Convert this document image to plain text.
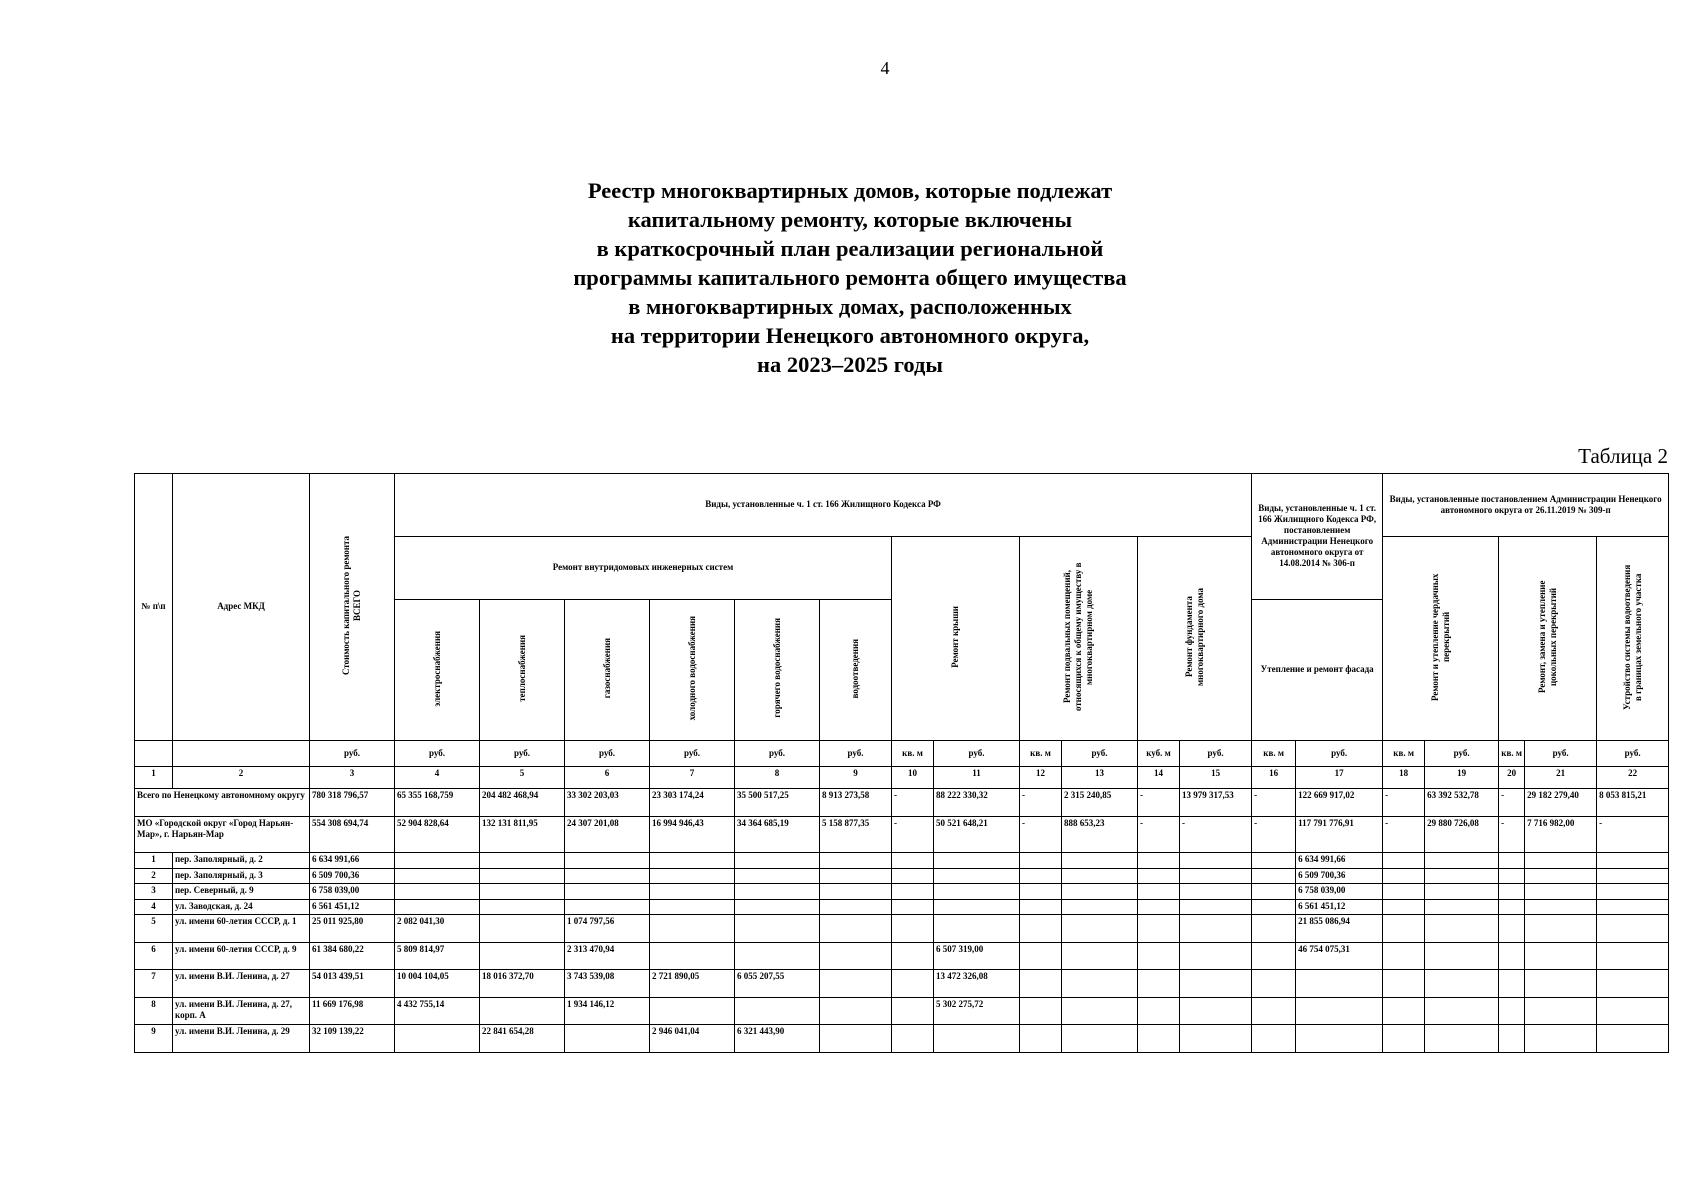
4
Реестр многоквартирных домов, которые подлежат
капитальному ремонту, которые включены
в краткосрочный план реализации региональной
программы капитального ремонта общего имущества
в многоквартирных домах, расположенных
на территории Ненецкого автономного округа,
на 2023–2025 годы
Таблица 2
№ п\п	Адрес МКД	Стоимость капитального ремонта ВСЕГО	Виды, установленные ч. 1 ст. 166 Жилищного Кодекса РФ												Виды, установленные ч. 1 ст. 166 Жилищного Кодекса РФ, постановлением Администрации Ненецкого автономного округа от 14.08.2014 № 306-п		Виды, установленные постановлением Администрации Ненецкого автономного округа от 26.11.2019 № 309-п				
			Ремонт внутридомовых инженерных систем						Ремонт крыши		Ремонт подвальных помещений, относящихся к общему имуществу в многоквартирном доме		Ремонт фундамента многоквартирного дома				Ремонт и утепление чердачных перекрытий		Ремонт, замена и утепление цокольных перекрытий		Устройство системы водоотведения в границах земельного участка
			электроснабжения	теплоснабжения	газоснабжения	холодного водоснабжения	горячего водоснабжения	водоотведения							Утепление и ремонт фасада						
		руб.	руб.	руб.	руб.	руб.	руб.	руб.	кв. м	руб.	кв. м	руб.	куб. м	руб.	кв. м	руб.	кв. м	руб.	кв. м	руб.	руб.
1	2	3	4	5	6	7	8	9	10	11	12	13	14	15	16	17	18	19	20	21	22
Всего по Ненецкому автономному округу		780 318 796,57	65 355 168,759	204 482 468,94	33 302 203,03	23 303 174,24	35 500 517,25	8 913 273,58	-	88 222 330,32	-	2 315 240,85	-	13 979 317,53	-	122 669 917,02	-	63 392 532,78	-	29 182 279,40	8 053 815,21
МО «Городской округ «Город Нарьян-Мар», г. Нарьян-Мар		554 308 694,74	52 904 828,64	132 131 811,95	24 307 201,08	16 994 946,43	34 364 685,19	5 158 877,35	-	50 521 648,21	-	888 653,23	-	-	-	117 791 776,91	-	29 880 726,08	-	7 716 982,00	-
1	пер. Заполярный, д. 2	6 634 991,66														6 634 991,66					
2	пер. Заполярный, д. 3	6 509 700,36														6 509 700,36					
3	пер. Северный, д. 9	6 758 039,00														6 758 039,00					
4	ул. Заводская, д. 24	6 561 451,12														6 561 451,12					
5	ул. имени 60-летия СССР, д. 1	25 011 925,80	2 082 041,30		1 074 797,56											21 855 086,94					
6	ул. имени 60-летия СССР, д. 9	61 384 680,22	5 809 814,97		2 313 470,94					6 507 319,00						46 754 075,31					
7	ул. имени В.И. Ленина, д. 27	54 013 439,51	10 004 104,05	18 016 372,70	3 743 539,08	2 721 890,05	6 055 207,55			13 472 326,08											
8	ул. имени В.И. Ленина, д. 27, корп. А	11 669 176,98	4 432 755,14		1 934 146,12					5 302 275,72											
9	ул. имени В.И. Ленина, д. 29	32 109 139,22		22 841 654,28		2 946 041,04	6 321 443,90														
